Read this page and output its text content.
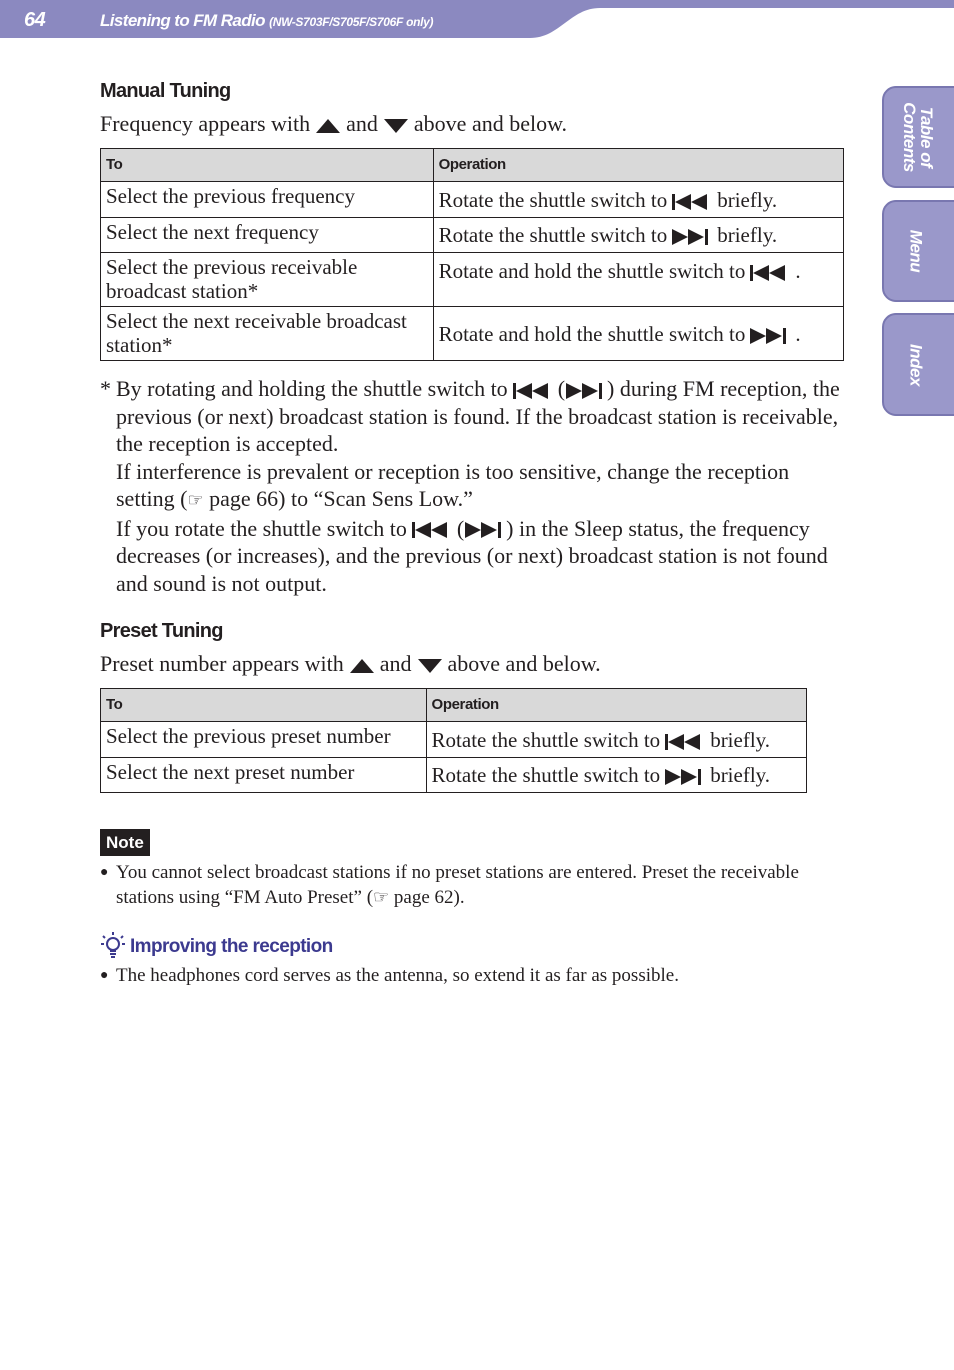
64	Listening to FM Radio (NW-S703F/S705F/S706F only)
Table of Contents
Menu
Index
Manual Tuning
Frequency appears with and above and below.
To	Operation
Select the previous frequency	Rotate the shuttle switch to briefly.
Select the next frequency	Rotate the shuttle switch to briefly.
Select the previous receivable broadcast station*	Rotate and hold the shuttle switch to .
Select the next receivable broadcast station*	Rotate and hold the shuttle switch to .
* By rotating and holding the shuttle switch to ( ) during FM reception, the previous (or next) broadcast station is found. If the broadcast station is receivable, the reception is accepted.
If interference is prevalent or reception is too sensitive, change the reception setting (☞ page 66) to “Scan Sens Low.”
If you rotate the shuttle switch to ( ) in the Sleep status, the frequency decreases (or increases), and the previous (or next) broadcast station is not found and sound is not output.
Preset Tuning
Preset number appears with and above and below.
To	Operation
Select the previous preset number	Rotate the shuttle switch to briefly.
Select the next preset number	Rotate the shuttle switch to briefly.
Note
● You cannot select broadcast stations if no preset stations are entered. Preset the receivable stations using “FM Auto Preset” (☞ page 62).
Improving the reception
● The headphones cord serves as the antenna, so extend it as far as possible.
